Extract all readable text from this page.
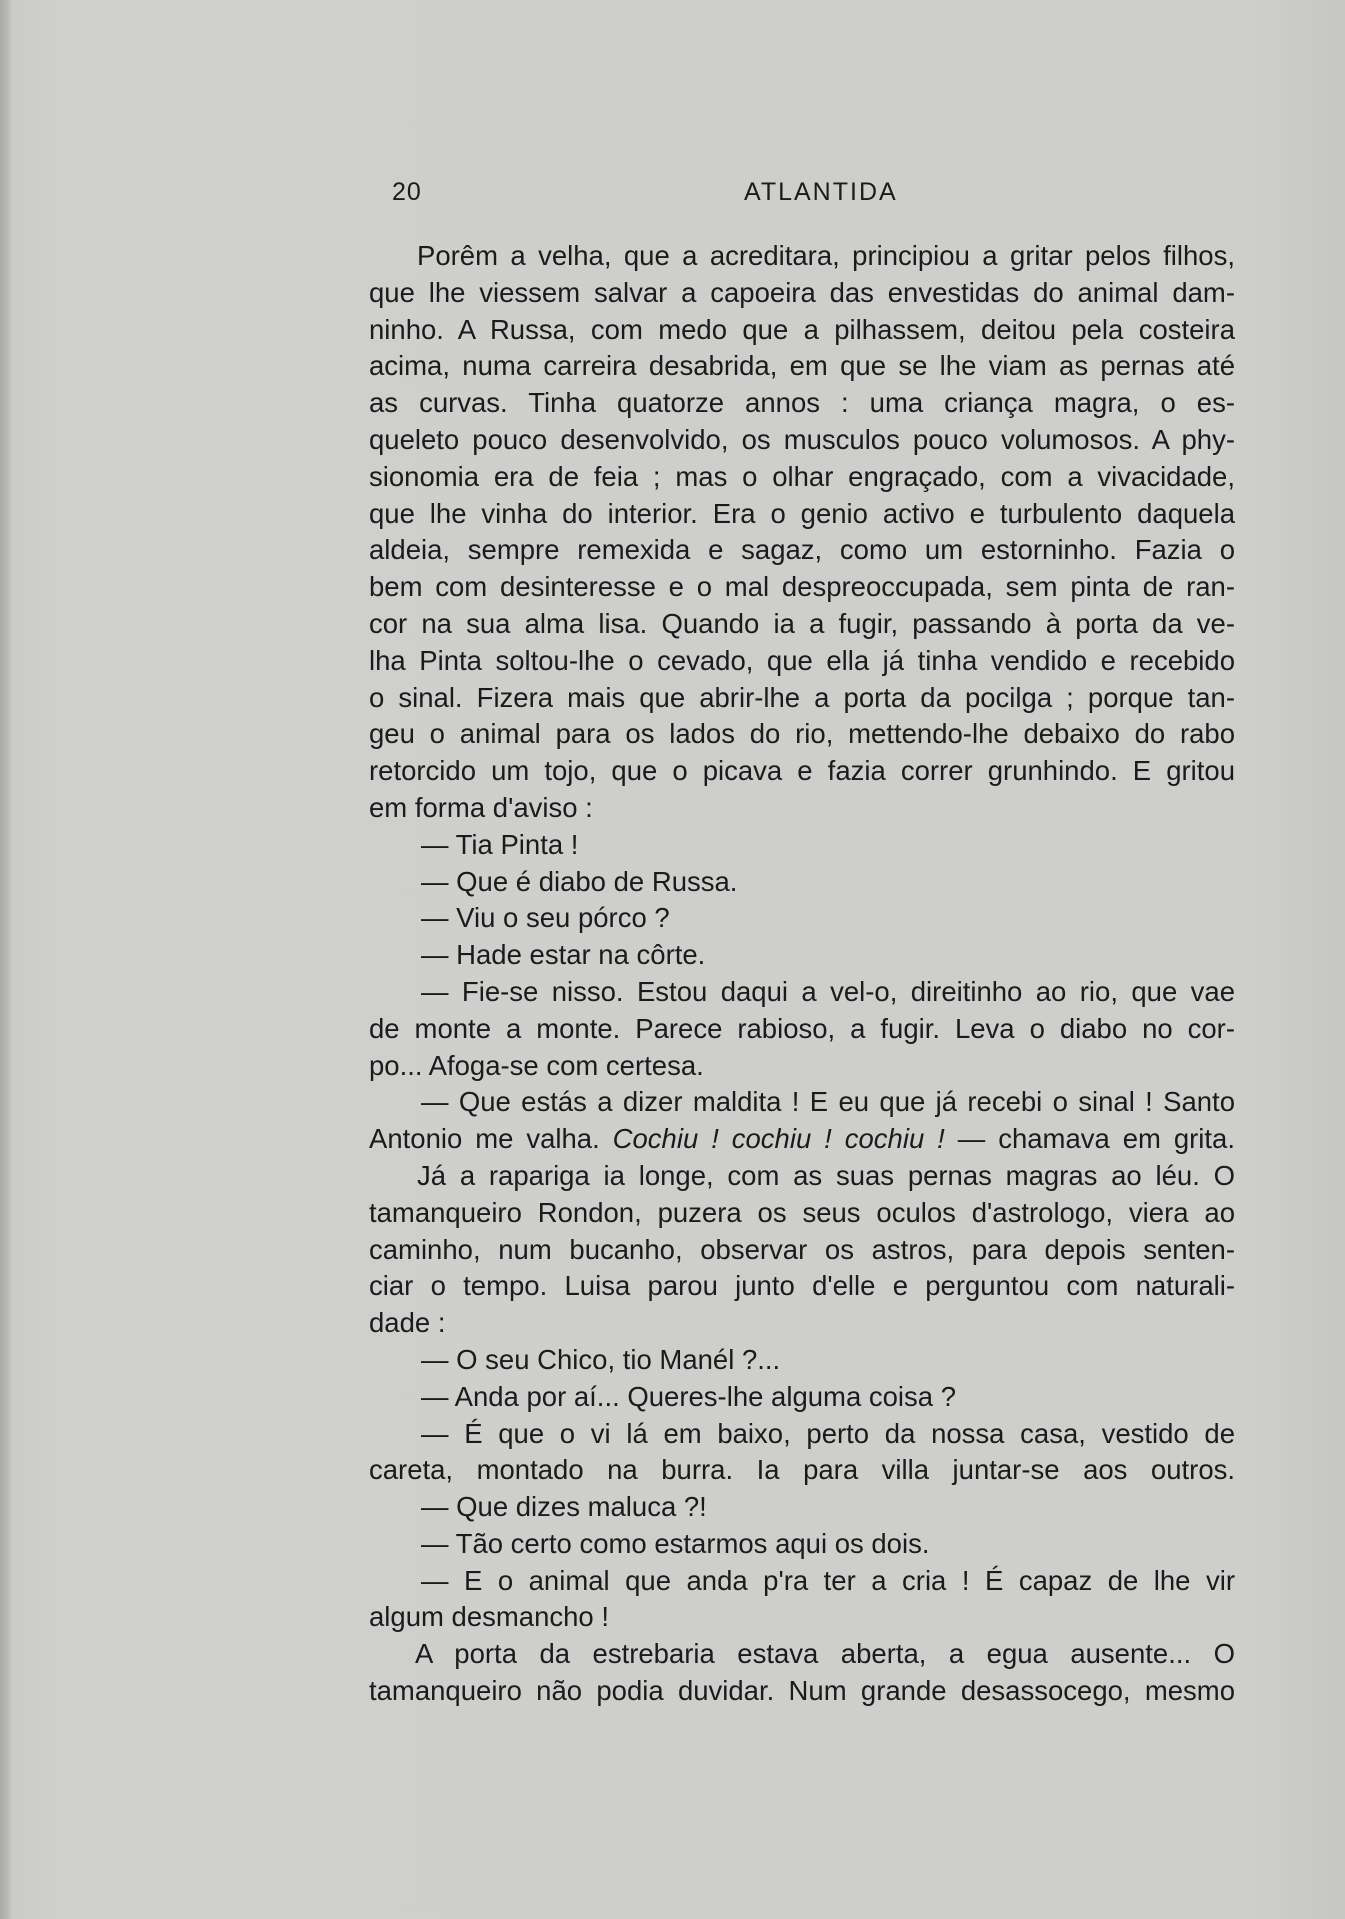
20	ATLANTIDA
Porêm a velha, que a acreditara, principiou a gritar pelos filhos,
que lhe viessem salvar a capoeira das envestidas do animal dam-
ninho. A Russa, com medo que a pilhassem, deitou pela costeira
acima, numa carreira desabrida, em que se lhe viam as pernas até
as curvas. Tinha quatorze annos : uma criança magra, o es-
queleto pouco desenvolvido, os musculos pouco volumosos. A phy-
sionomia era de feia ; mas o olhar engraçado, com a vivacidade,
que lhe vinha do interior. Era o genio activo e turbulento daquela
aldeia, sempre remexida e sagaz, como um estorninho. Fazia o
bem com desinteresse e o mal despreoccupada, sem pinta de ran-
cor na sua alma lisa. Quando ia a fugir, passando à porta da ve-
lha Pinta soltou-lhe o cevado, que ella já tinha vendido e recebido
o sinal. Fizera mais que abrir-lhe a porta da pocilga ; porque tan-
geu o animal para os lados do rio, mettendo-lhe debaixo do rabo
retorcido um tojo, que o picava e fazia correr grunhindo. E gritou
em forma d'aviso :
— Tia Pinta !
— Que é diabo de Russa.
— Viu o seu pórco ?
— Hade estar na côrte.
— Fie-se nisso. Estou daqui a vel-o, direitinho ao rio, que vae
de monte a monte. Parece rabioso, a fugir. Leva o diabo no cor-
po... Afoga-se com certesa.
— Que estás a dizer maldita ! E eu que já recebi o sinal ! Santo
Antonio me valha. Cochiu ! cochiu ! cochiu ! — chamava em grita.
Já a rapariga ia longe, com as suas pernas magras ao léu. O
tamanqueiro Rondon, puzera os seus oculos d'astrologo, viera ao
caminho, num bucanho, observar os astros, para depois senten-
ciar o tempo. Luisa parou junto d'elle e perguntou com naturali-
dade :
— O seu Chico, tio Manél ?...
— Anda por aí... Queres-lhe alguma coisa ?
— É que o vi lá em baixo, perto da nossa casa, vestido de
careta, montado na burra. Ia para villa juntar-se aos outros.
— Que dizes maluca ?!
— Tão certo como estarmos aqui os dois.
— E o animal que anda p'ra ter a cria ! É capaz de lhe vir
algum desmancho !
A porta da estrebaria estava aberta, a egua ausente... O
tamanqueiro não podia duvidar. Num grande desassocego, mesmo
